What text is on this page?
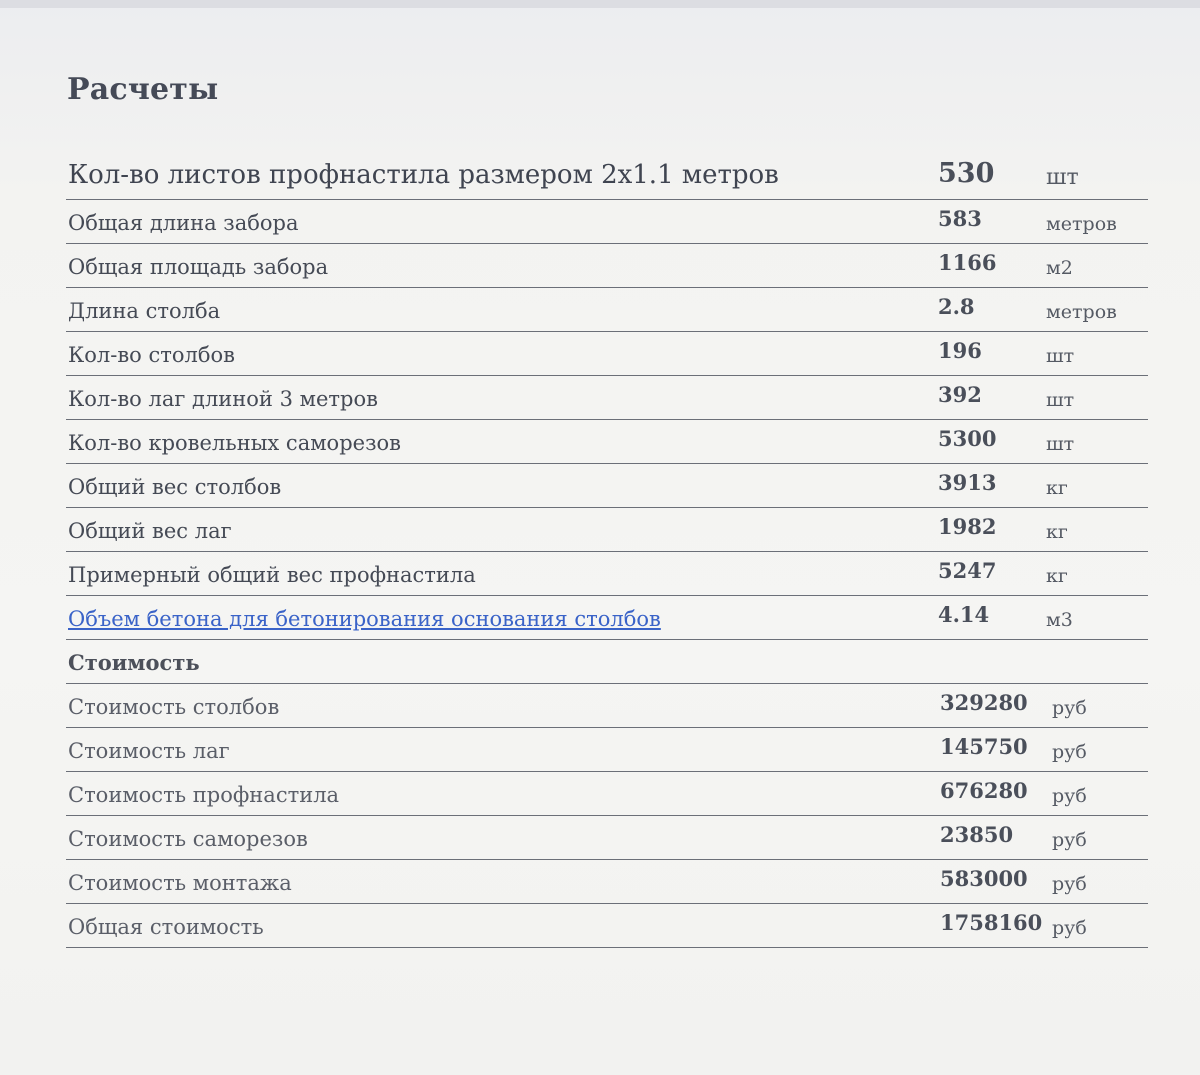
Расчеты
Кол-во листов профнастила размером 2х1.1 метров	530 шт
Общая длина забора	583	метров
Общая площадь забора	1166	м2
Длина столба	2.8	метров
Кол-во столбов	196	шт
Кол-во лаг длиной 3 метров	392	шт
Кол-во кровельных саморезов	5300	шт
Общий вес столбов	3913	кг
Общий вес лаг	1982	кг
Примерный общий вес профнастила	5247	кг
Объем бетона для бетонирования основания столбов	4.14	м3
Стоимость
Стоимость столбов	329280 руб
Стоимость лаг	145750 руб
Стоимость профнастила	676280 руб
Стоимость саморезов	23850 руб
Стоимость монтажа	583000 руб
Общая стоимость	1758160 руб
